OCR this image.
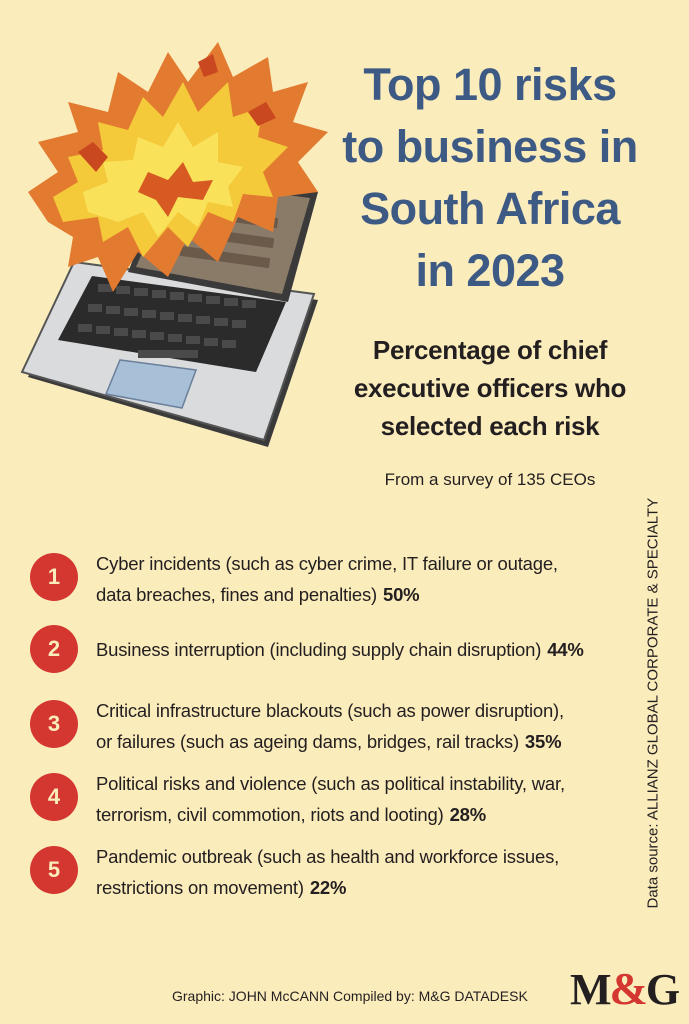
Top 10 risks
to business in
South Africa
in 2023
Percentage of chief
executive officers who
selected each risk
From a survey of 135 CEOs
1
Cyber incidents (such as cyber crime, IT failure or outage,
data breaches, fines and penalties) 50%
2	Business interruption (including supply chain disruption) 44%
3
Critical infrastructure blackouts (such as power disruption),
or failures (such as ageing dams, bridges, rail tracks) 35%
4
Political risks and violence (such as political instability, war,
terrorism, civil commotion, riots and looting) 28%
5
Pandemic outbreak (such as health and workforce issues,
restrictions on movement) 22%	Data source: ALLIANZ GLOBAL CORPORATE & SPECIALTY
Graphic: JOHN McCANN Compiled by: M&G DATADESK M&G
